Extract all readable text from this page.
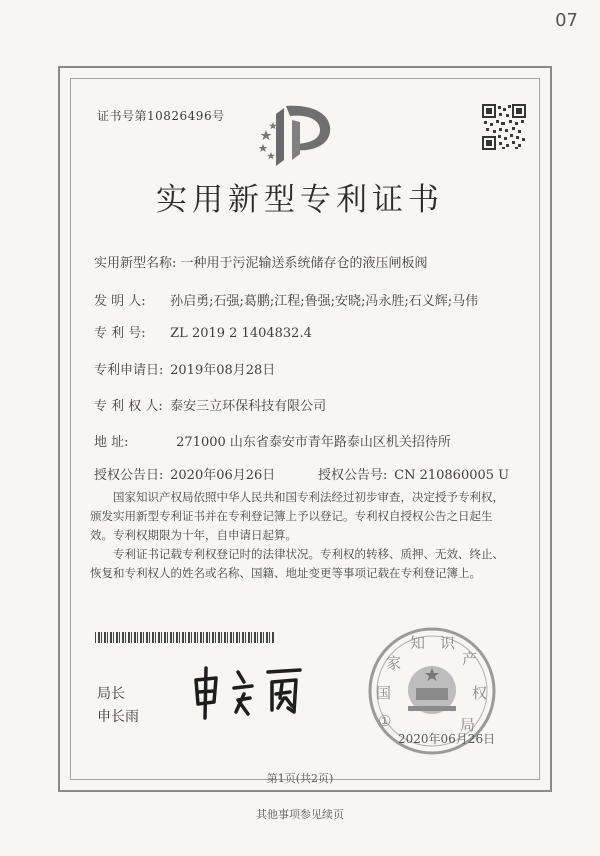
07
证书号第10826496号
实用新型专利证书
实用新型名称: 一种用于污泥输送系统储存仓的液压闸板阀
发 明 人: 孙启勇;石强;葛鹏;江程;鲁强;安晓;冯永胜;石义辉;马伟
专 利 号: ZL 2019 2 1404832.4
专利申请日: 2019年08月28日
专 利 权 人: 泰安三立环保科技有限公司
地 址:	271000 山东省泰安市青年路泰山区机关招待所
授权公告日: 2020年06月26日	授权公告号: CN 210860005 U
国家知识产权局依照中华人民共和国专利法经过初步审查，决定授予专利权，颁发实用新型专利证书并在专利登记簿上予以登记。专利权自授权公告之日起生效。专利权期限为十年，自申请日起算。
专利证书记载专利权登记时的法律状况。专利权的转移、质押、无效、终止、恢复和专利权人的姓名或名称、国籍、地址变更等事项记载在专利登记簿上。
局长
申长雨
国
家
知 识
产
权
局
①
2020年06月26日
第1页(共2页)
其他事项参见续页
